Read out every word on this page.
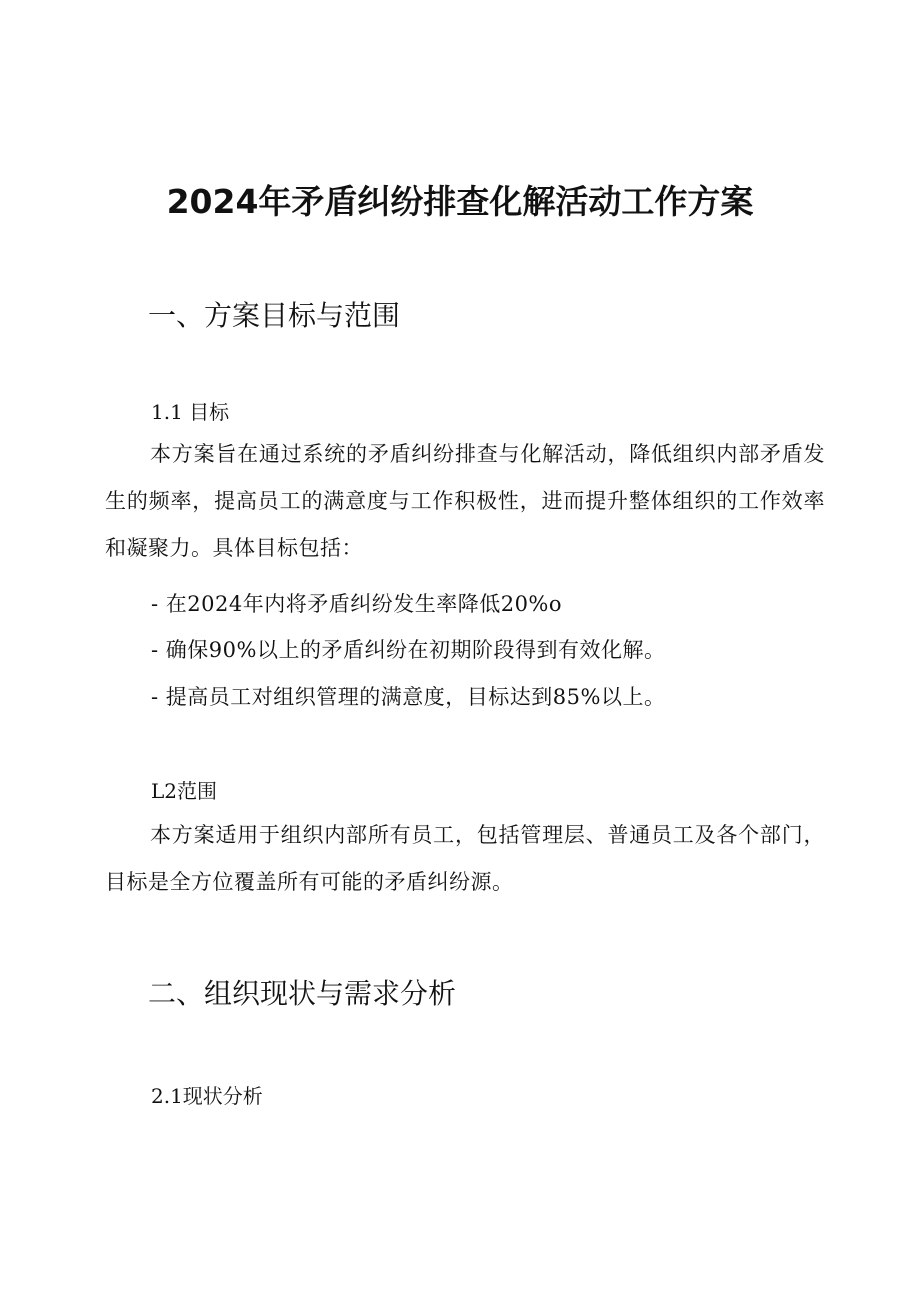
2024年矛盾纠纷排查化解活动工作方案
一、方案目标与范围
1.1 目标
本方案旨在通过系统的矛盾纠纷排查与化解活动，降低组织内部矛盾发生的频率，提高员工的满意度与工作积极性，进而提升整体组织的工作效率和凝聚力。具体目标包括：
- 在2024年内将矛盾纠纷发生率降低20%o
- 确保90%以上的矛盾纠纷在初期阶段得到有效化解。
- 提高员工对组织管理的满意度，目标达到85%以上。
L2范围
本方案适用于组织内部所有员工，包括管理层、普通员工及各个部门，目标是全方位覆盖所有可能的矛盾纠纷源。
二、组织现状与需求分析
2.1现状分析
